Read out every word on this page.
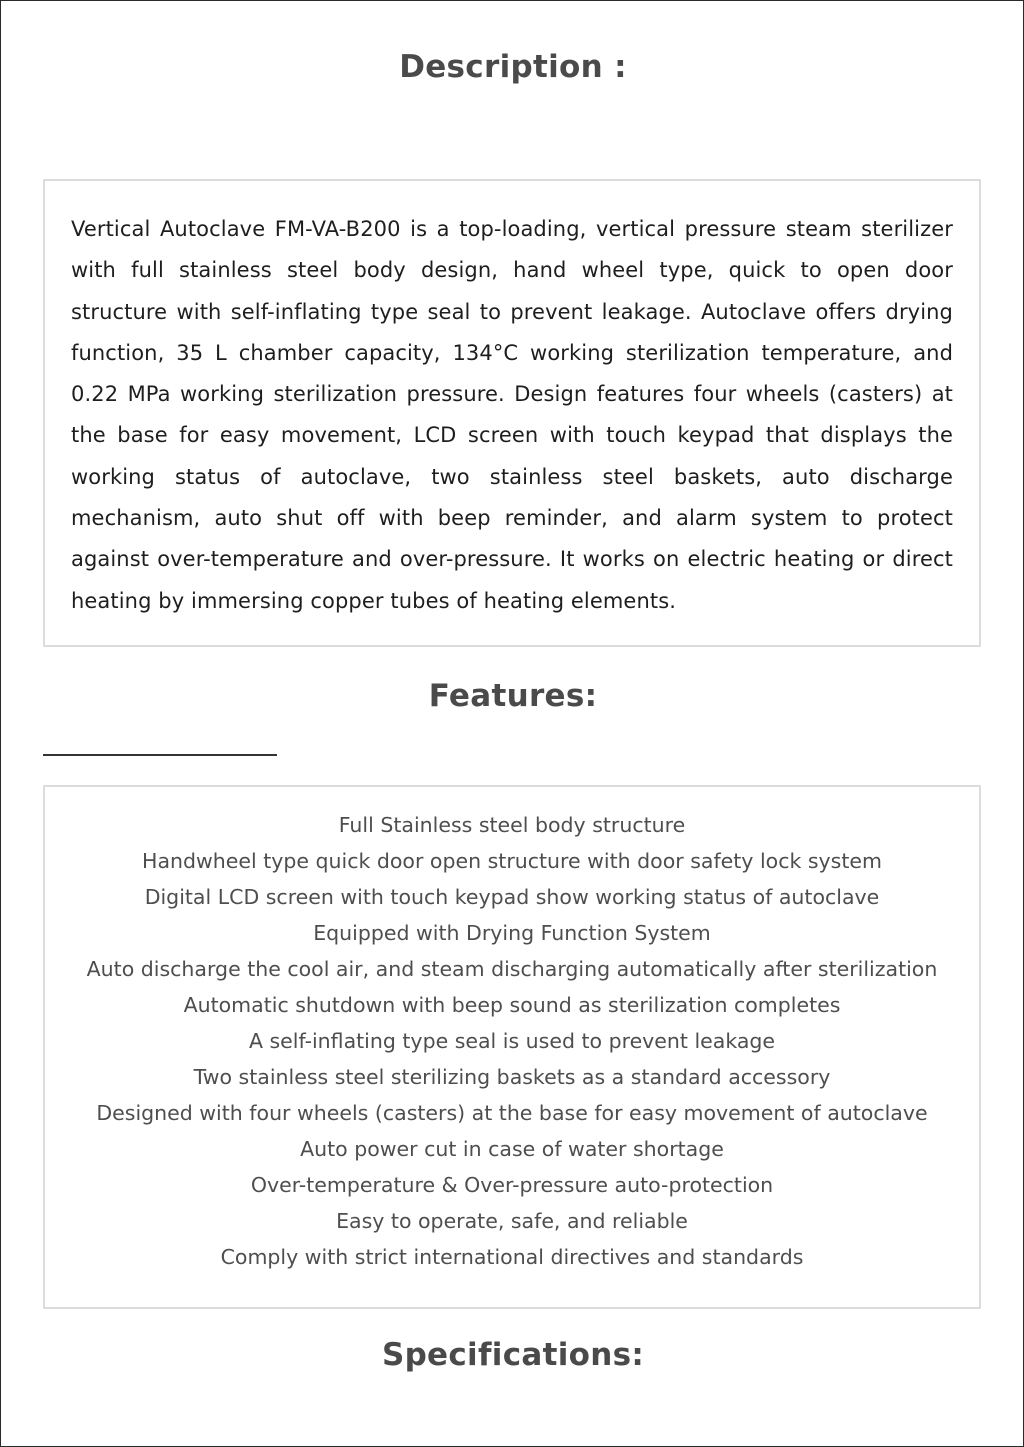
Description :

Vertical Autoclave FM-VA-B200 is a top-loading, vertical pressure steam sterilizer with full stainless steel body design, hand wheel type, quick to open door structure with self-inflating type seal to prevent leakage. Autoclave offers drying function, 35 L chamber capacity, 134°C working sterilization temperature, and 0.22 MPa working sterilization pressure. Design features four wheels (casters) at the base for easy movement, LCD screen with touch keypad that displays the working status of autoclave, two stainless steel baskets, auto discharge mechanism, auto shut off with beep reminder, and alarm system to protect against over-temperature and over-pressure. It works on electric heating or direct heating by immersing copper tubes of heating elements.

Features:
Full Stainless steel body structure
Handwheel type quick door open structure with door safety lock system
Digital LCD screen with touch keypad show working status of autoclave
Equipped with Drying Function System
Auto discharge the cool air, and steam discharging automatically after sterilization
Automatic shutdown with beep sound as sterilization completes
A self-inflating type seal is used to prevent leakage
Two stainless steel sterilizing baskets as a standard accessory
Designed with four wheels (casters) at the base for easy movement of autoclave
Auto power cut in case of water shortage
Over-temperature & Over-pressure auto-protection
Easy to operate, safe, and reliable
Comply with strict international directives and standards
Specifications:
